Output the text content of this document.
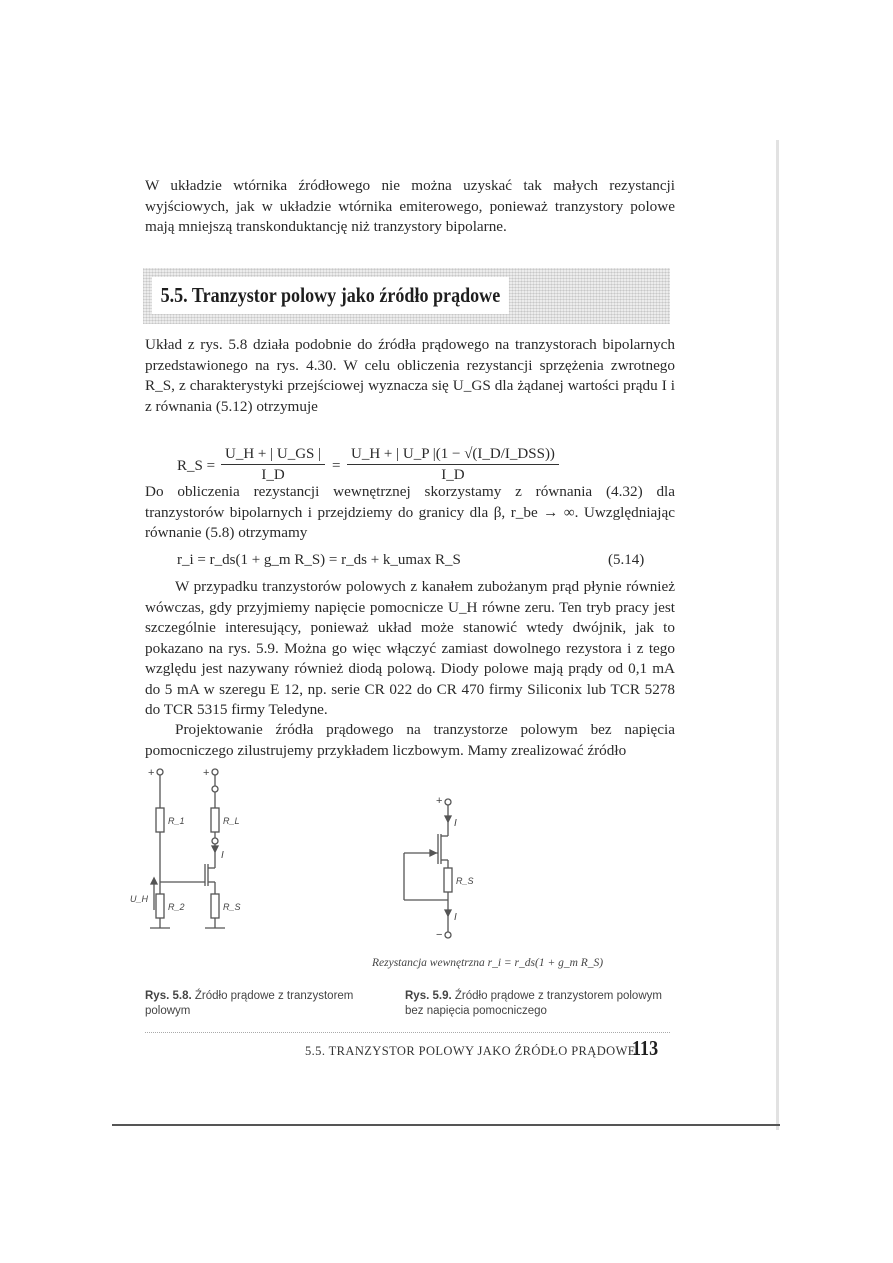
W układzie wtórnika źródłowego nie można uzyskać tak małych rezystancji wyjściowych, jak w układzie wtórnika emiterowego, ponieważ tranzystory polowe mają mniejszą transkonduktancję niż tranzystory bipolarne.

5.5. Tranzystor polowy jako źródło prądowe

Układ z rys. 5.8 działa podobnie do źródła prądowego na tranzystorach bipolarnych przedstawionego na rys. 4.30. W celu obliczenia rezystancji sprzężenia zwrotnego R_S, z charakterystyki przejściowej wyznacza się U_GS dla żądanej wartości prądu I i z równania (5.12) otrzymuje

R_S = $\frac{U\_H + | U\_GS |}{I\_D}$ =
U_H + | U_P |(1 − √(I_D/I_DSS))
I_D

Do obliczenia rezystancji wewnętrznej skorzystamy z równania (4.32) dla tranzystorów bipolarnych i przejdziemy do granicy dla β, r_be → ∞. Uwzględniając równanie (5.8) otrzymamy

r_i = r_ds(1 + g_m R_S) = r_ds + k_umax R_S	(5.14)

W przypadku tranzystorów polowych z kanałem zubożanym prąd płynie również wówczas, gdy przyjmiemy napięcie pomocnicze U_H równe zeru. Ten tryb pracy jest szczególnie interesujący, ponieważ układ może stanowić wtedy dwójnik, jak to pokazano na rys. 5.9. Można go więc włączyć zamiast dowolnego rezystora i z tego względu jest nazywany również diodą polową. Diody polowe mają prądy od 0,1 mA do 5 mA w szeregu E 12, np. serie CR 022 do CR 470 firmy Siliconix lub TCR 5278 do TCR 5315 firmy Teledyne.

Projektowanie źródła prądowego na tranzystorze polowym bez napięcia pomocniczego zilustrujemy przykładem liczbowym. Mamy zrealizować źródło

+	+
R_1	R_L
I
U_H
R_2	R_S
+
−
I
R_S
I
Rezystancja wewnętrzna r_i = r_ds(1 + g_m R_S)

Rys. 5.8. Źródło prądowe z tranzystorem polowym

Rys. 5.9. Źródło prądowe z tranzystorem polowym bez napięcia pomocniczego

5.5. TRANZYSTOR POLOWY JAKO ŹRÓDŁO PRĄDOWE
113
